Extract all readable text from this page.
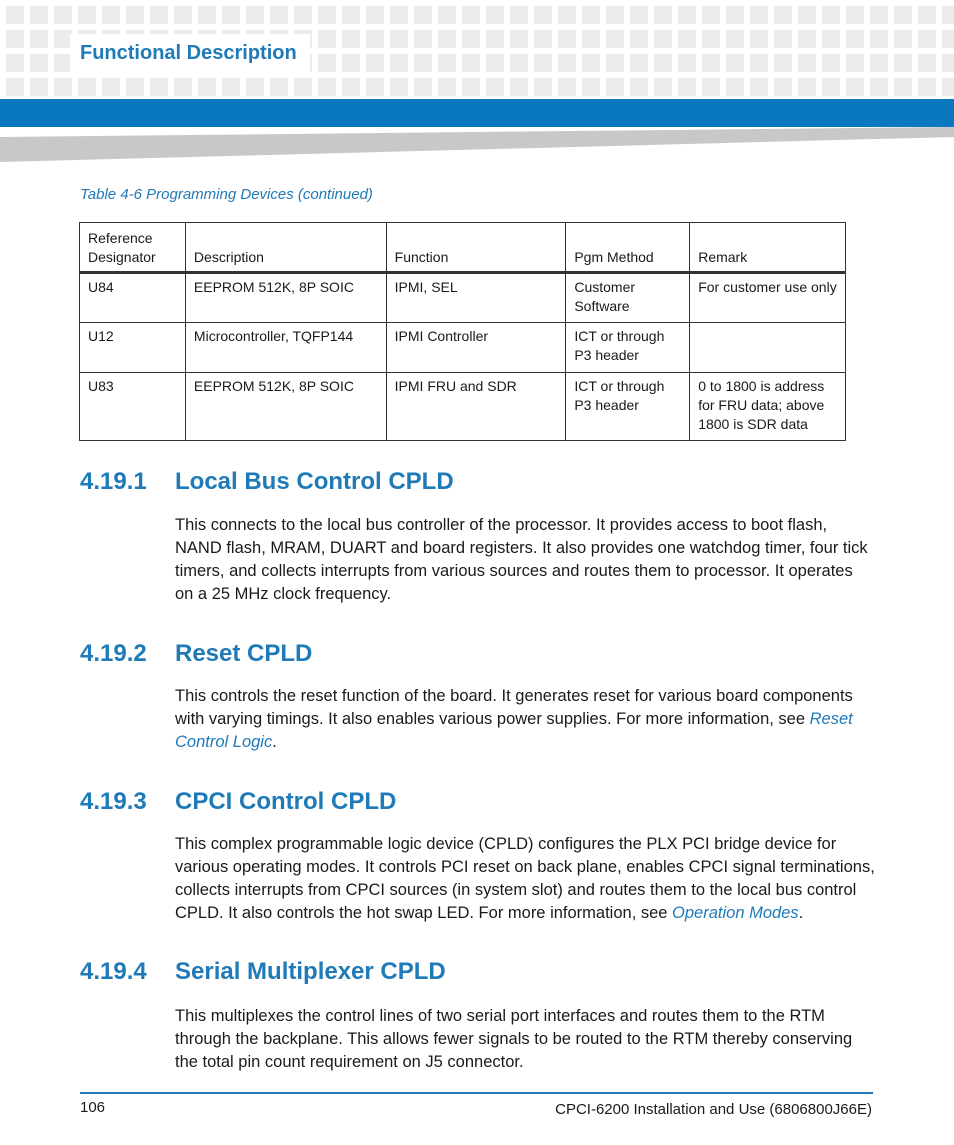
Functional Description
Table 4-6 Programming Devices (continued)
Reference Designator	Description	Function	Pgm Method	Remark
U84	EEPROM 512K, 8P SOIC	IPMI, SEL	Customer Software	For customer use only
U12	Microcontroller, TQFP144	IPMI Controller	ICT or through P3 header	
U83	EEPROM 512K, 8P SOIC	IPMI FRU and SDR	ICT or through P3 header	0 to 1800 is address for FRU data; above 1800 is SDR data
4.19.1 Local Bus Control CPLD

This connects to the local bus controller of the processor. It provides access to boot flash, NAND flash, MRAM, DUART and board registers. It also provides one watchdog timer, four tick timers, and collects interrupts from various sources and routes them to processor. It operates on a 25 MHz clock frequency.

4.19.2 Reset CPLD

This controls the reset function of the board. It generates reset for various board components with varying timings. It also enables various power supplies. For more information, see Reset Control Logic.

4.19.3 CPCI Control CPLD

This complex programmable logic device (CPLD) configures the PLX PCI bridge device for various operating modes. It controls PCI reset on back plane, enables CPCI signal terminations, collects interrupts from CPCI sources (in system slot) and routes them to the local bus control CPLD. It also controls the hot swap LED. For more information, see Operation Modes.

4.19.4 Serial Multiplexer CPLD

This multiplexes the control lines of two serial port interfaces and routes them to the RTM through the backplane. This allows fewer signals to be routed to the RTM thereby conserving the total pin count requirement on J5 connector.

106	CPCI-6200 Installation and Use (6806800J66E)
